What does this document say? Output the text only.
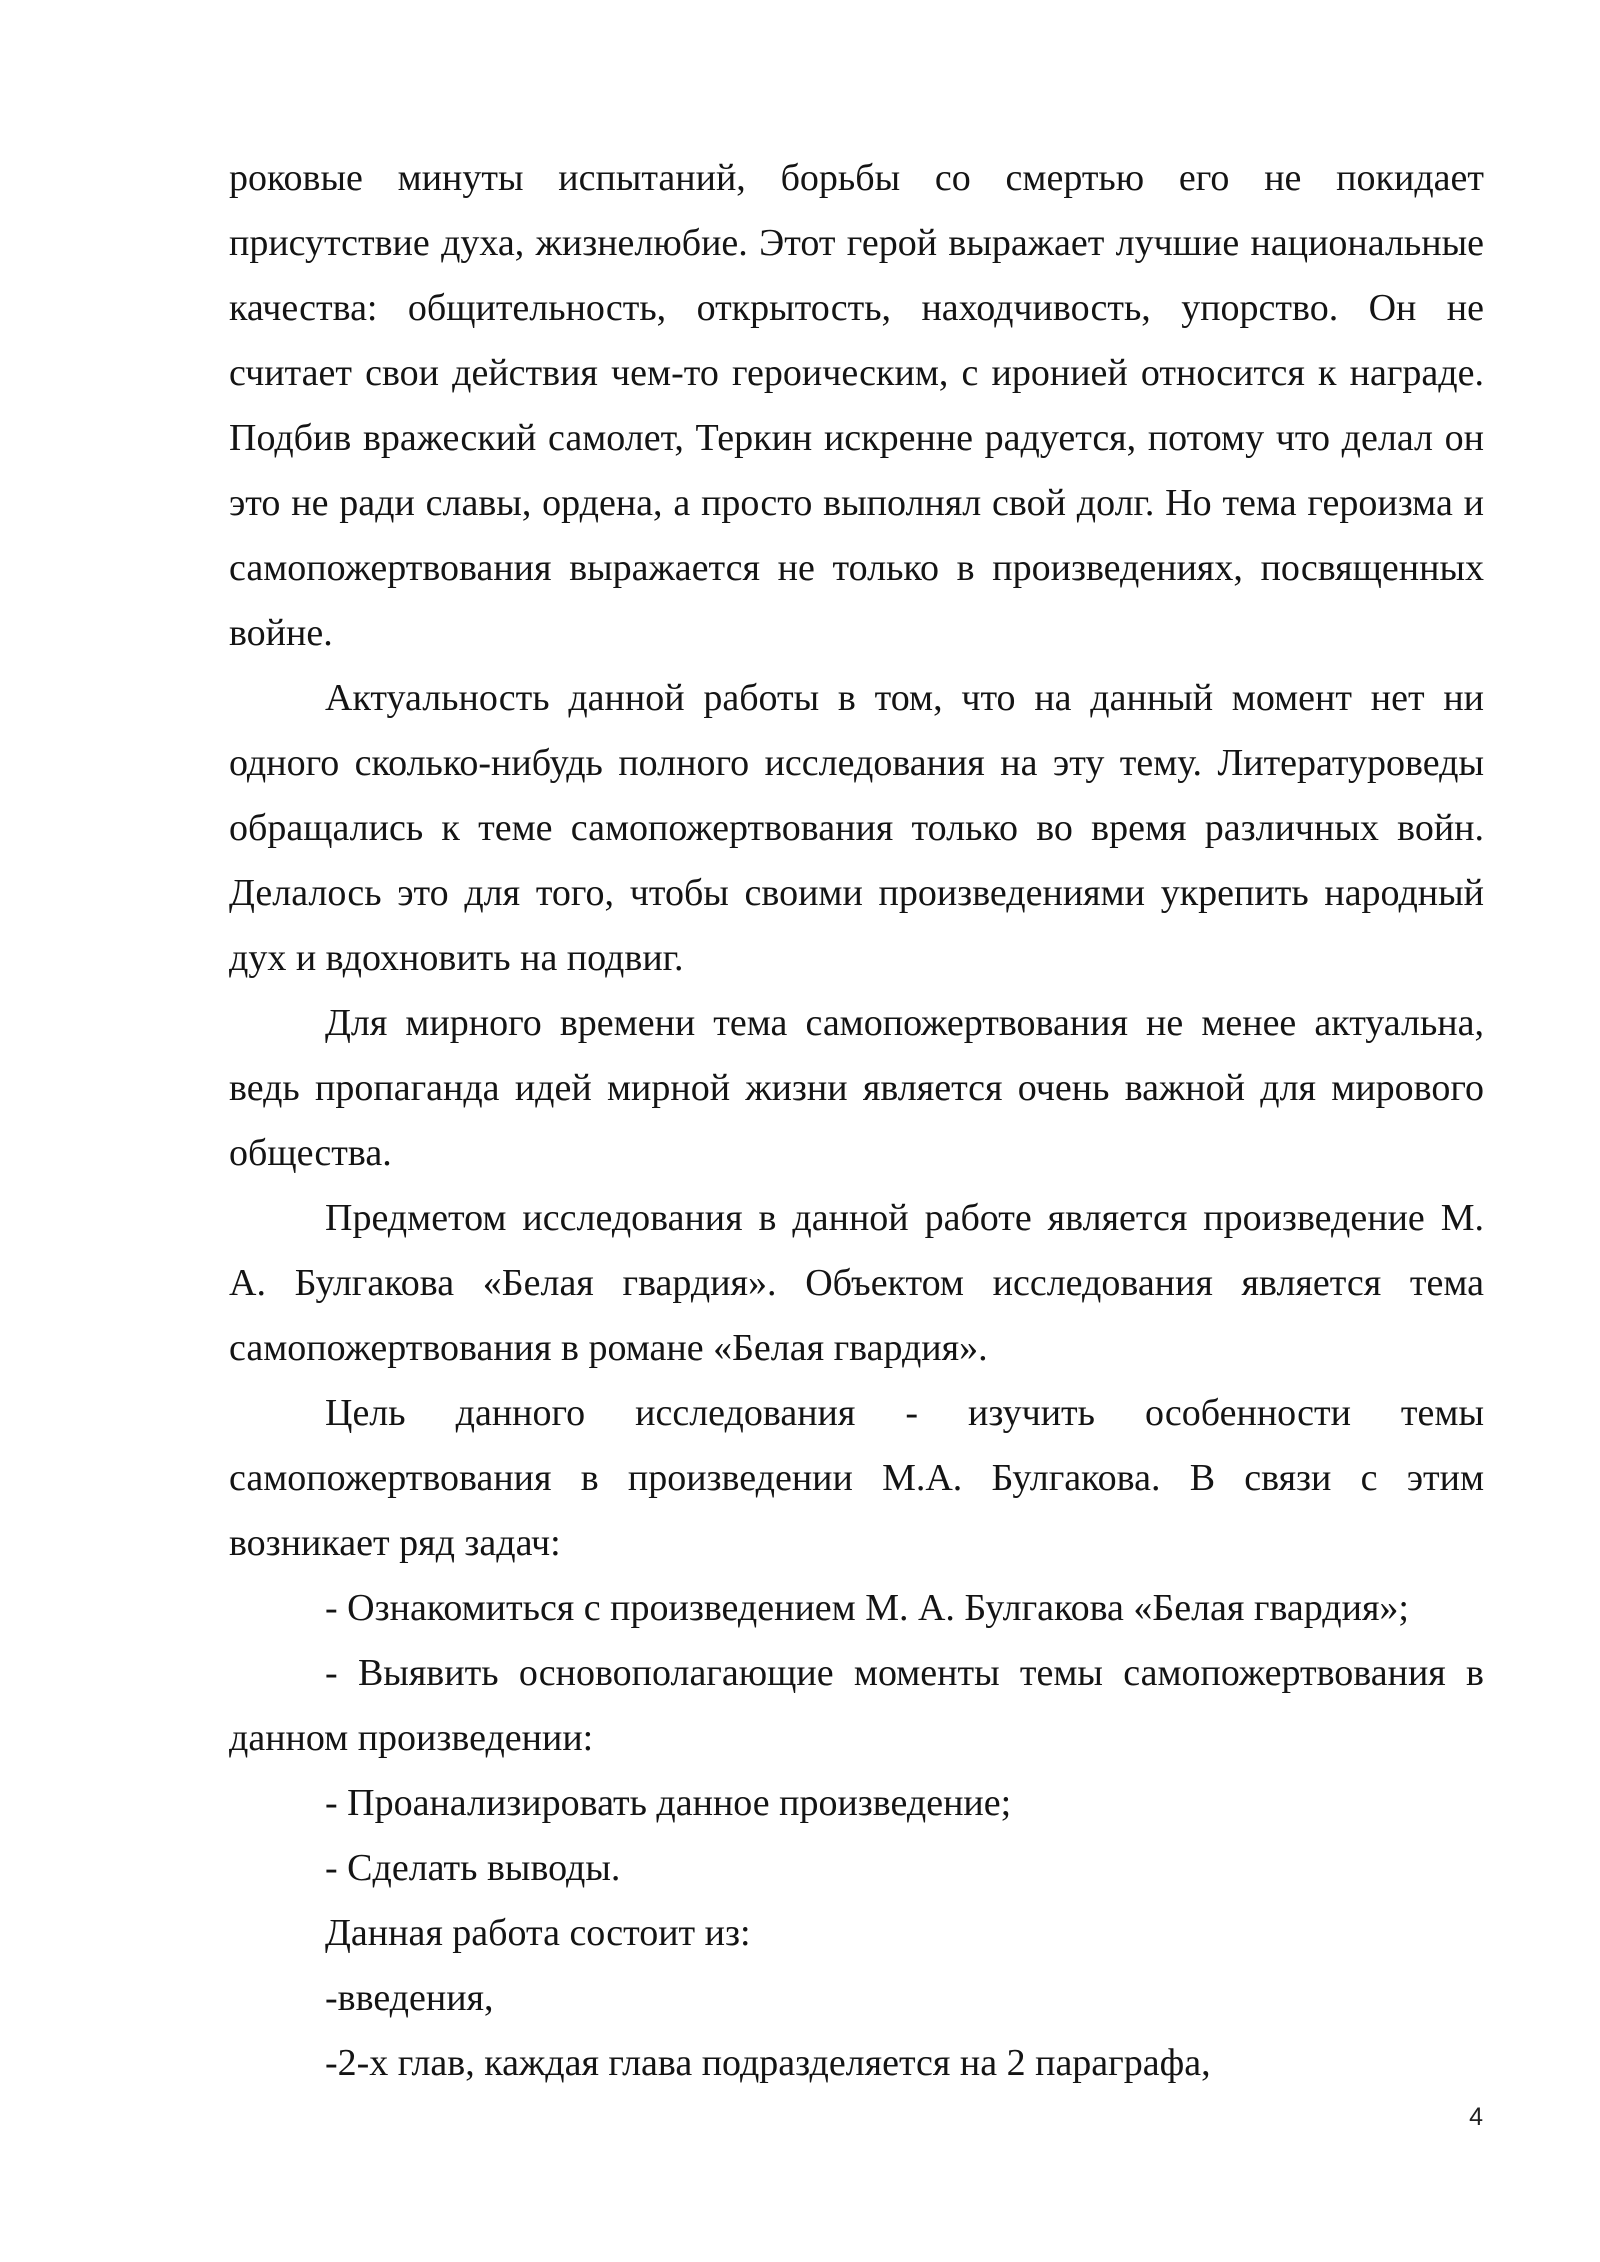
роковые минуты испытаний, борьбы со смертью его не покидает присутствие духа, жизнелюбие. Этот герой выражает лучшие национальные качества: общительность, открытость, находчивость, упорство. Он не считает свои действия чем-то героическим, с иронией относится к награде. Подбив вражеский самолет, Теркин искренне радуется, потому что делал он это не ради славы, ордена, а просто выполнял свой долг. Но тема героизма и самопожертвования выражается не только в произведениях, посвященных войне.

Актуальность данной работы в том, что на данный момент нет ни одного сколько-нибудь полного исследования на эту тему. Литературоведы обращались к теме самопожертвования только во время различных войн. Делалось это для того, чтобы своими произведениями укрепить народный дух и вдохновить на подвиг.

Для мирного времени тема самопожертвования не менее актуальна, ведь пропаганда идей мирной жизни является очень важной для мирового общества.

Предметом исследования в данной работе является произведение М. А. Булгакова «Белая гвардия». Объектом исследования является тема самопожертвования в романе «Белая гвардия».

Цель данного исследования - изучить особенности темы самопожертвования в произведении М.А. Булгакова. В связи с этим возникает ряд задач:

- Ознакомиться с произведением М. А. Булгакова «Белая гвардия»;

- Выявить основополагающие моменты темы самопожертвования в данном произведении:

- Проанализировать данное произведение;

- Сделать выводы.

Данная работа состоит из:

-введения,

-2-х глав, каждая глава подразделяется на 2 параграфа,

4
